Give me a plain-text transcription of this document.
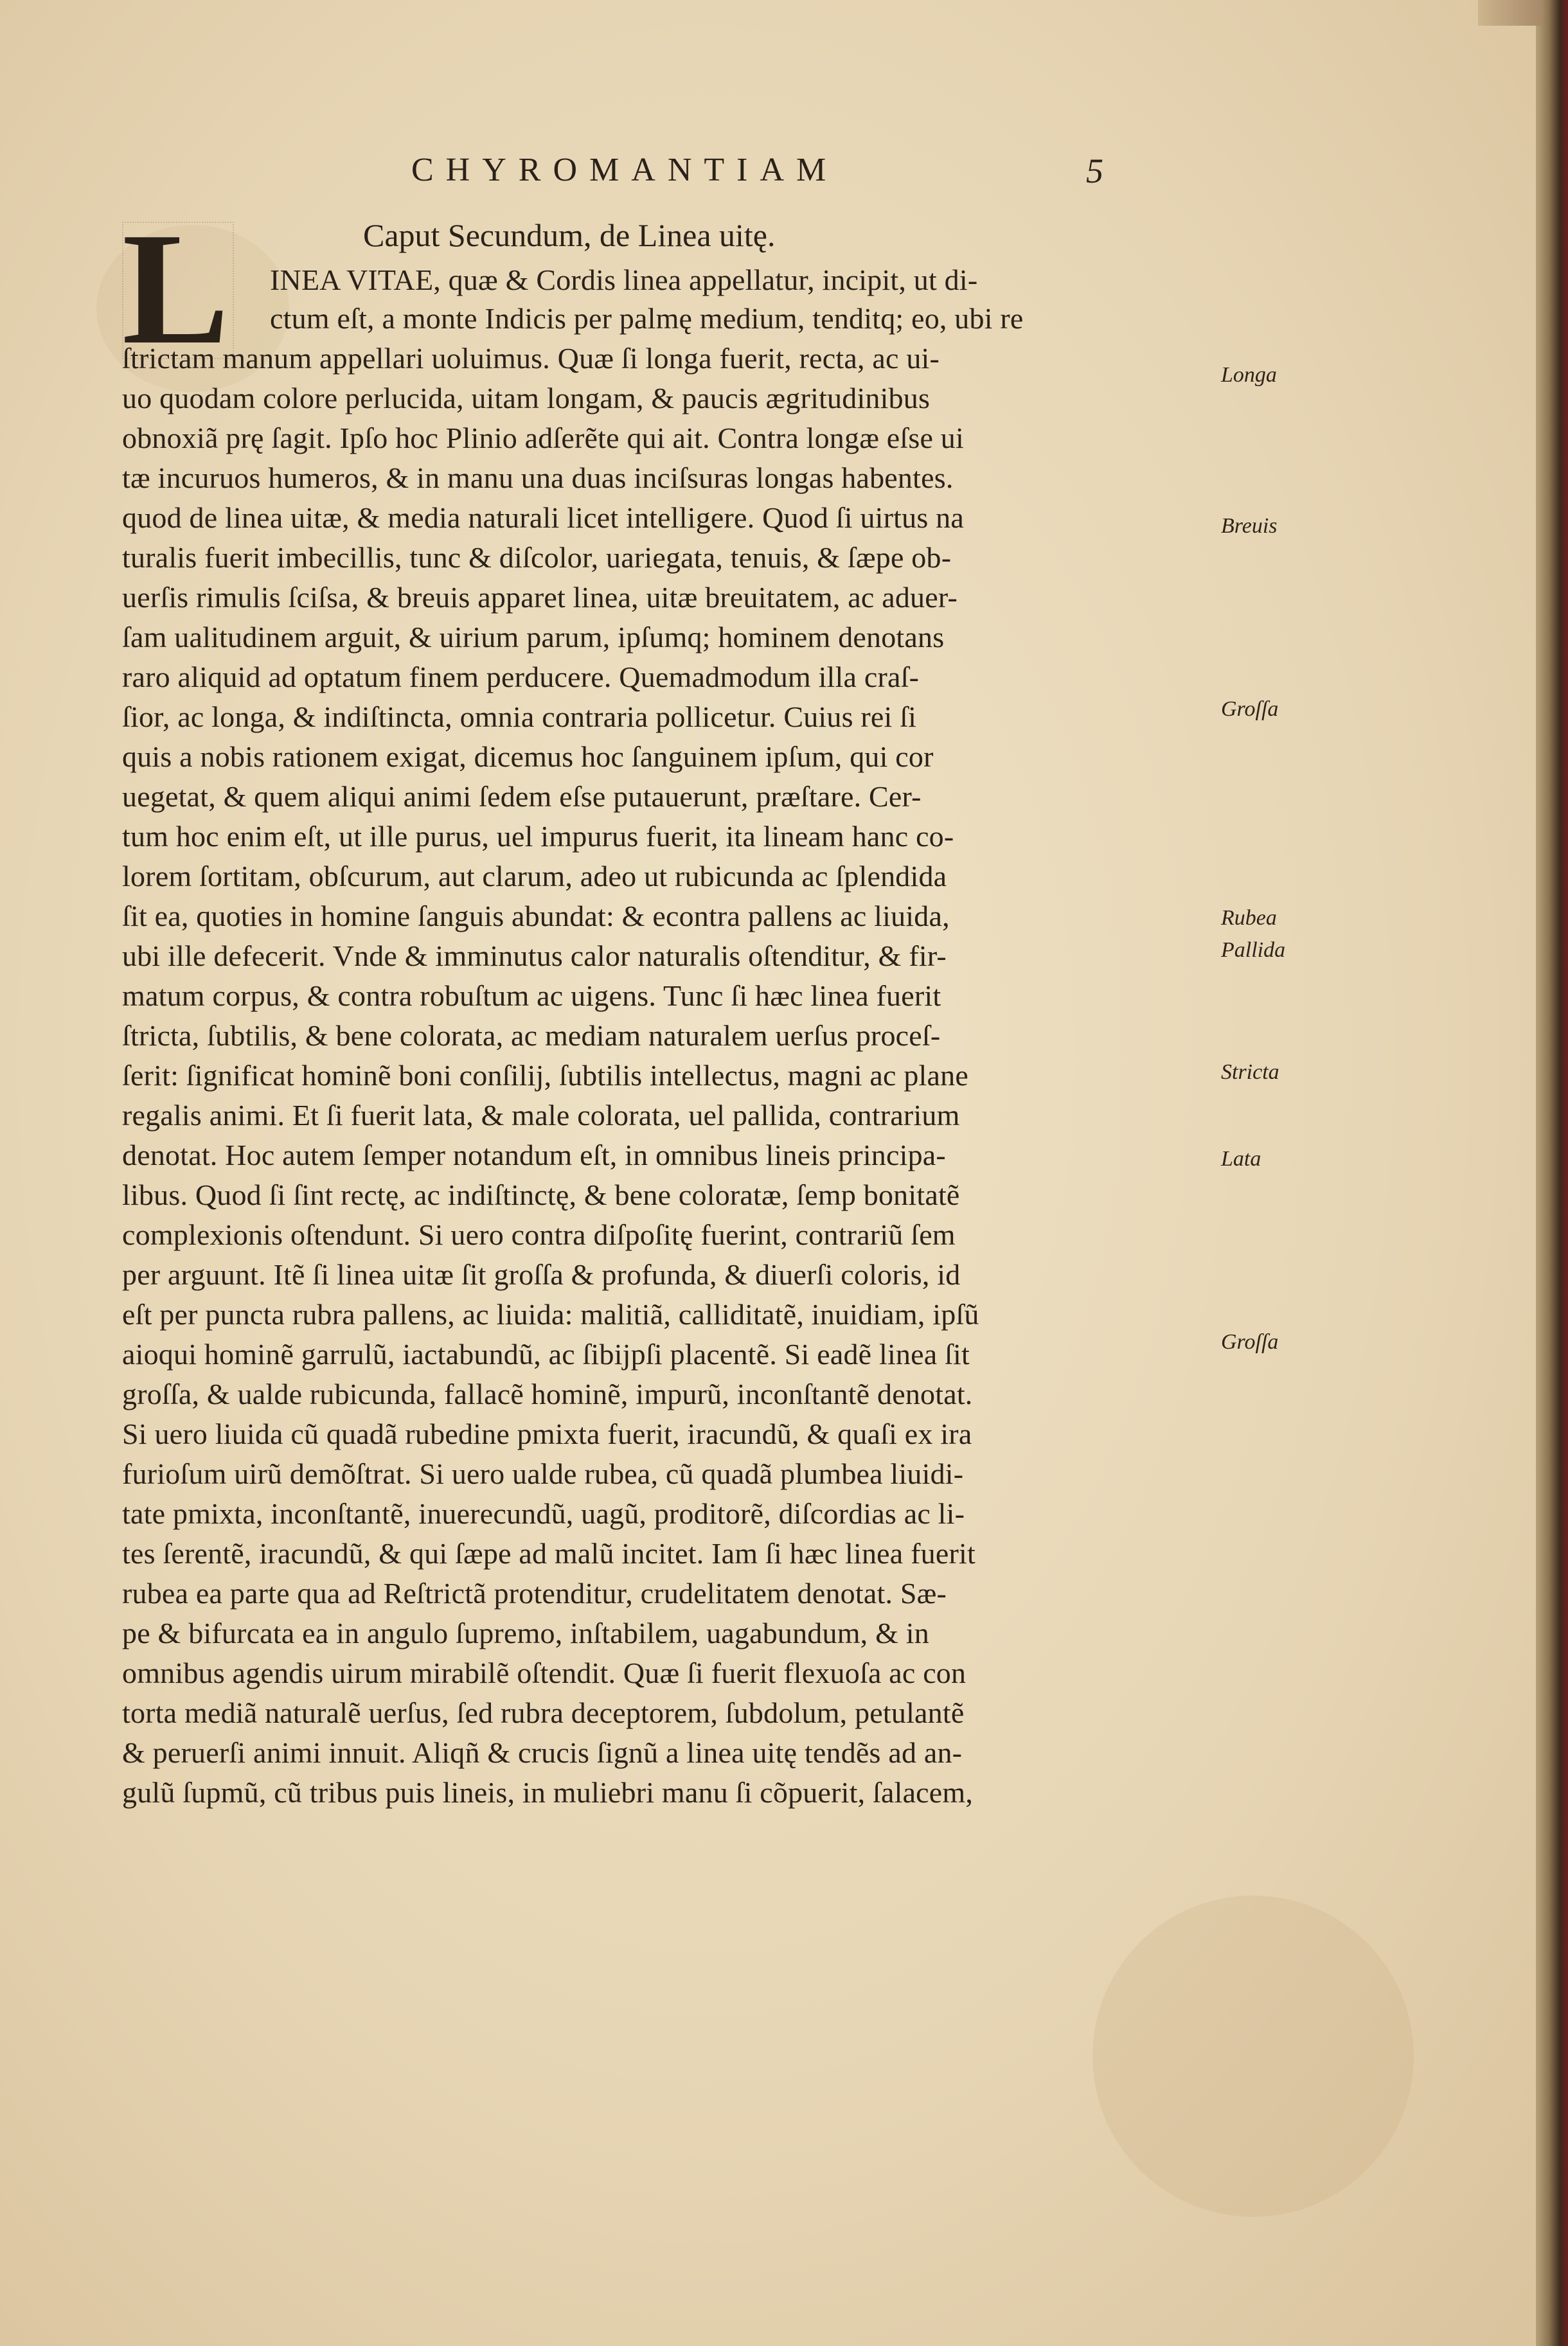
CHYROMANTIAM	5
L	Caput Secundum, de Linea uitę.
INEA VITAE, quæ & Cordis linea appellatur, incipit, ut di-
ctum eſt, a monte Indicis per palmę medium, tenditq; eo, ubi re
ſtrictam manum appellari uoluimus. Quæ ſi longa fuerit, recta, ac ui-
uo quodam colore perlucida, uitam longam, & paucis ægritudinibus
obnoxiã prę ſagit. Ipſo hoc Plinio adſerẽte qui ait. Contra longæ eſse ui
tæ incuruos humeros, & in manu una duas inciſsuras longas habentes.
quod de linea uitæ, & media naturali licet intelligere. Quod ſi uirtus na
turalis fuerit imbecillis, tunc & diſcolor, uariegata, tenuis, & ſæpe ob-
uerſis rimulis ſciſsa, & breuis apparet linea, uitæ breuitatem, ac aduer-
ſam ualitudinem arguit, & uirium parum, ipſumq; hominem denotans
raro aliquid ad optatum finem perducere. Quemadmodum illa craſ-
ſior, ac longa, & indiſtincta, omnia contraria pollicetur. Cuius rei ſi
quis a nobis rationem exigat, dicemus hoc ſanguinem ipſum, qui cor
uegetat, & quem aliqui animi ſedem eſse putauerunt, præſtare. Cer-
tum hoc enim eſt, ut ille purus, uel impurus fuerit, ita lineam hanc co-
lorem ſortitam, obſcurum, aut clarum, adeo ut rubicunda ac ſplendida
ſit ea, quoties in homine ſanguis abundat: & econtra pallens ac liuida,
ubi ille defecerit. Vnde & imminutus calor naturalis oſtenditur, & fir-
matum corpus, & contra robuſtum ac uigens. Tunc ſi hæc linea fuerit
ſtricta, ſubtilis, & bene colorata, ac mediam naturalem uerſus proceſ-
ſerit: ſignificat hominẽ boni conſilij, ſubtilis intellectus, magni ac plane
regalis animi. Et ſi fuerit lata, & male colorata, uel pallida, contrarium
denotat. Hoc autem ſemper notandum eſt, in omnibus lineis principa-
libus. Quod ſi ſint rectę, ac indiſtinctę, & bene coloratæ, ſemp bonitatẽ
complexionis oſtendunt. Si uero contra diſpoſitę fuerint, contrariũ ſem
per arguunt. Itẽ ſi linea uitæ ſit groſſa & profunda, & diuerſi coloris, id
eſt per puncta rubra pallens, ac liuida: malitiã, calliditatẽ, inuidiam, ipſũ
aioqui hominẽ garrulũ, iactabundũ, ac ſibijpſi placentẽ. Si eadẽ linea ſit
groſſa, & ualde rubicunda, fallacẽ hominẽ, impurũ, inconſtantẽ denotat.
Si uero liuida cũ quadã rubedine pmixta fuerit, iracundũ, & quaſi ex ira
furioſum uirũ demõſtrat. Si uero ualde rubea, cũ quadã plumbea liuidi-
tate pmixta, inconſtantẽ, inuerecundũ, uagũ, proditorẽ, diſcordias ac li-
tes ſerentẽ, iracundũ, & qui ſæpe ad malũ incitet. Iam ſi hæc linea fuerit
rubea ea parte qua ad Reſtrictã protenditur, crudelitatem denotat. Sæ-
pe & bifurcata ea in angulo ſupremo, inſtabilem, uagabundum, & in
omnibus agendis uirum mirabilẽ oſtendit. Quæ ſi fuerit flexuoſa ac con
torta mediã naturalẽ uerſus, ſed rubra deceptorem, ſubdolum, petulantẽ
& peruerſi animi innuit. Aliqñ & crucis ſignũ a linea uitę tendẽs ad an-
gulũ ſupmũ, cũ tribus puis lineis, in muliebri manu ſi cõpuerit, ſalacem,
Longa
Breuis
Groſſa
Rubea
Pallida
Stricta
Lata
Groſſa
